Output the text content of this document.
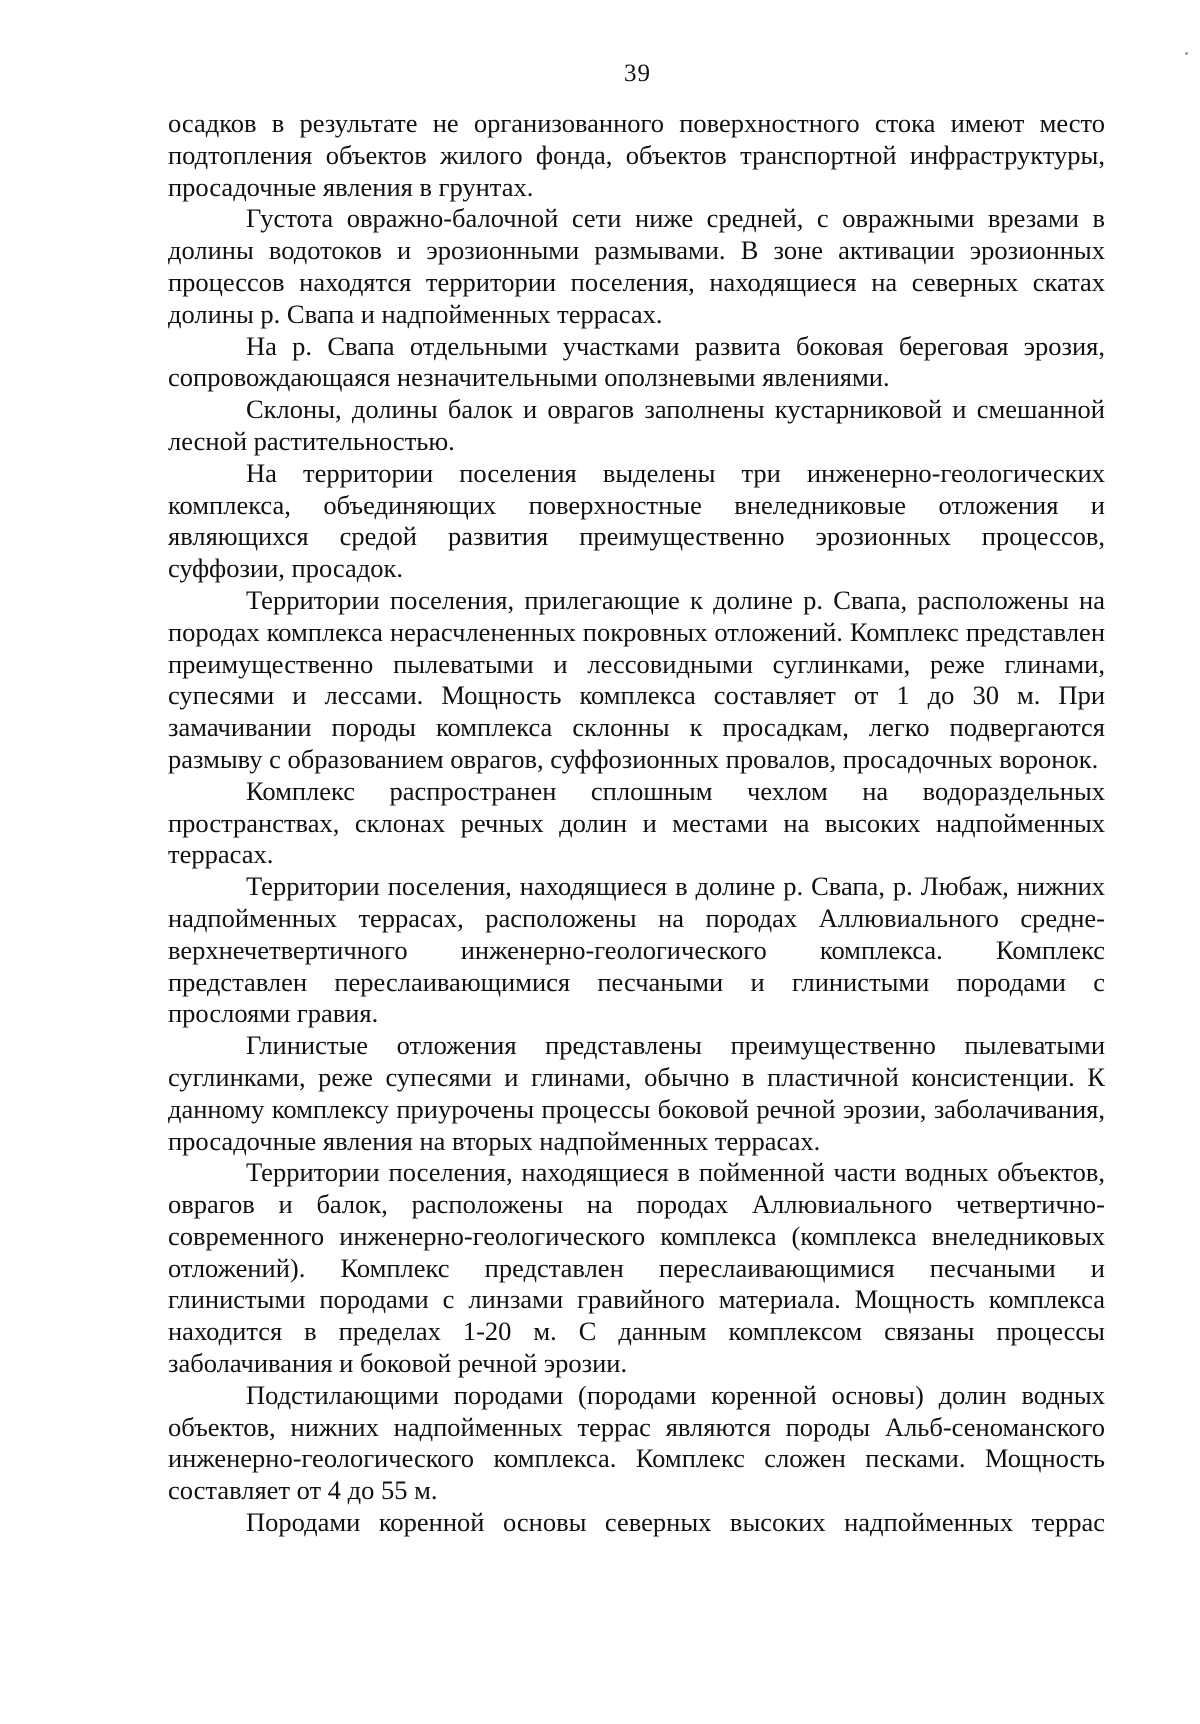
39

осадков в результате не организованного поверхностного стока имеют место подтопления объектов жилого фонда, объектов транспортной инфраструктуры, просадочные явления в грунтах.

Густота овражно-балочной сети ниже средней, с овражными врезами в долины водотоков и эрозионными размывами. В зоне активации эрозионных процессов находятся территории поселения, находящиеся на северных скатах долины р. Свапа и надпойменных террасах.

На р. Свапа отдельными участками развита боковая береговая эрозия, сопровождающаяся незначительными оползневыми явлениями.

Склоны, долины балок и оврагов заполнены кустарниковой и смешанной лесной растительностью.

На территории поселения выделены три инженерно-геологических комплекса, объединяющих поверхностные внеледниковые отложения и являющихся средой развития преимущественно эрозионных процессов, суффозии, просадок.

Территории поселения, прилегающие к долине р. Свапа, расположены на породах комплекса нерасчлененных покровных отложений. Комплекс представлен преимущественно пылеватыми и лессовидными суглинками, реже глинами, супесями и лессами. Мощность комплекса составляет от 1 до 30 м. При замачивании породы комплекса склонны к просадкам, легко подвергаются размыву с образованием оврагов, суффозионных провалов, просадочных воронок.

Комплекс распространен сплошным чехлом на водораздельных пространствах, склонах речных долин и местами на высоких надпойменных террасах.

Территории поселения, находящиеся в долине р. Свапа, р. Любаж, нижних надпойменных террасах, расположены на породах Аллювиального средне-верхнечетвертичного инженерно-геологического комплекса. Комплекс представлен переслаивающимися песчаными и глинистыми породами с прослоями гравия.

Глинистые отложения представлены преимущественно пылеватыми суглинками, реже супесями и глинами, обычно в пластичной консистенции. К данному комплексу приурочены процессы боковой речной эрозии, заболачивания, просадочные явления на вторых надпойменных террасах.

Территории поселения, находящиеся в пойменной части водных объектов, оврагов и балок, расположены на породах Аллювиального четвертично-современного инженерно-геологического комплекса (комплекса внеледниковых отложений). Комплекс представлен переслаивающимися песчаными и глинистыми породами с линзами гравийного материала. Мощность комплекса находится в пределах 1-20 м. С данным комплексом связаны процессы заболачивания и боковой речной эрозии.

Подстилающими породами (породами коренной основы) долин водных объектов, нижних надпойменных террас являются породы Альб-сеноманского инженерно-геологического комплекса. Комплекс сложен песками. Мощность составляет от 4 до 55 м.

Породами коренной основы северных высоких надпойменных террас
